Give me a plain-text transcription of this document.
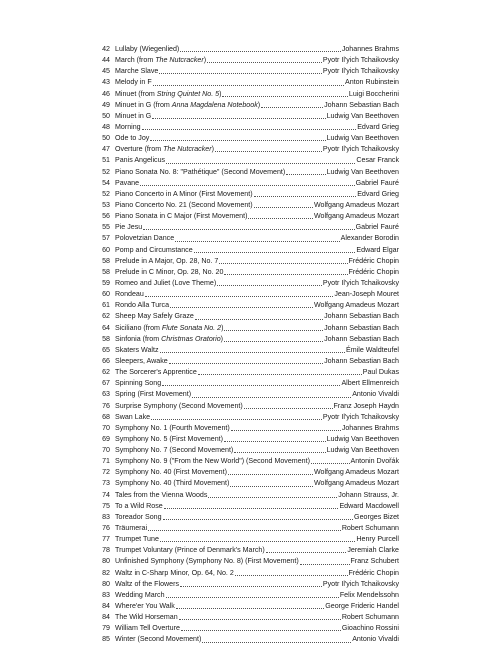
42 Lullaby (Wiegenlied)	Johannes Brahms
44 March (from The Nutcracker)	Pyotr Il'yich Tchaikovsky
45 Marche Slave	Pyotr Il'yich Tchaikovsky
43 Melody in F	Anton Rubinstein
46 Minuet (from String Quintet No. 5)	Luigi Boccherini
49 Minuet in G (from Anna Magdalena Notebook)	Johann Sebastian Bach
50 Minuet in G	Ludwig Van Beethoven
48 Morning	Edvard Grieg
50 Ode to Joy	Ludwig Van Beethoven
47 Overture (from The Nutcracker)	Pyotr Il'yich Tchaikovsky
51 Panis Angelicus	Cesar Franck
52 Piano Sonata No. 8: "Pathétique" (Second Movement)	Ludwig Van Beethoven
54 Pavane	Gabriel Fauré
52 Piano Concerto in A Minor (First Movement)	Edvard Grieg
53 Piano Concerto No. 21 (Second Movement)	Wolfgang Amadeus Mozart
56 Piano Sonata in C Major (First Movement)	Wolfgang Amadeus Mozart
55 Pie Jesu	Gabriel Fauré
57 Polovetzian Dance	Alexander Borodin
60 Pomp and Circumstance	Edward Elgar
58 Prelude in A Major, Op. 28, No. 7	Frédéric Chopin
58 Prelude in C Minor, Op. 28, No. 20	Frédéric Chopin
59 Romeo and Juliet (Love Theme)	Pyotr Il'yich Tchaikovsky
60 Rondeau	Jean-Joseph Mouret
61 Rondo Alla Turca	Wolfgang Amadeus Mozart
62 Sheep May Safely Graze	Johann Sebastian Bach
64 Siciliano (from Flute Sonata No. 2)	Johann Sebastian Bach
58 Sinfonia (from Christmas Oratorio)	Johann Sebastian Bach
65 Skaters Waltz	Émile Waldteufel
66 Sleepers, Awake	Johann Sebastian Bach
62 The Sorcerer's Apprentice	Paul Dukas
67 Spinning Song	Albert Ellmenreich
63 Spring (First Movement)	Antonio Vivaldi
76 Surprise Symphony (Second Movement)	Franz Joseph Haydn
68 Swan Lake	Pyotr Il'yich Tchaikovsky
70 Symphony No. 1 (Fourth Movement)	Johannes Brahms
69 Symphony No. 5 (First Movement)	Ludwig Van Beethoven
70 Symphony No. 7 (Second Movement)	Ludwig Van Beethoven
71 Symphony No. 9 ("From the New World") (Second Movement)	Antonin Dvořák
72 Symphony No. 40 (First Movement)	Wolfgang Amadeus Mozart
73 Symphony No. 40 (Third Movement)	Wolfgang Amadeus Mozart
74 Tales from the Vienna Woods	Johann Strauss, Jr.
75 To a Wild Rose	Edward Macdowell
83 Toreador Song	Georges Bizet
76 Träumerai	Robert Schumann
77 Trumpet Tune	Henry Purcell
78 Trumpet Voluntary (Prince of Denmark's March)	Jeremiah Clarke
80 Unfinished Symphony (Symphony No. 8) (First Movement)	Franz Schubert
82 Waltz in C-Sharp Minor, Op. 64, No. 2	Frédéric Chopin
80 Waltz of the Flowers	Pyotr Il'yich Tchaikovsky
83 Wedding March	Felix Mendelssohn
84 Where'er You Walk	George Frideric Handel
84 The Wild Horseman	Robert Schumann
79 William Tell Overture	Gioachino Rossini
85 Winter (Second Movement)	Antonio Vivaldi
